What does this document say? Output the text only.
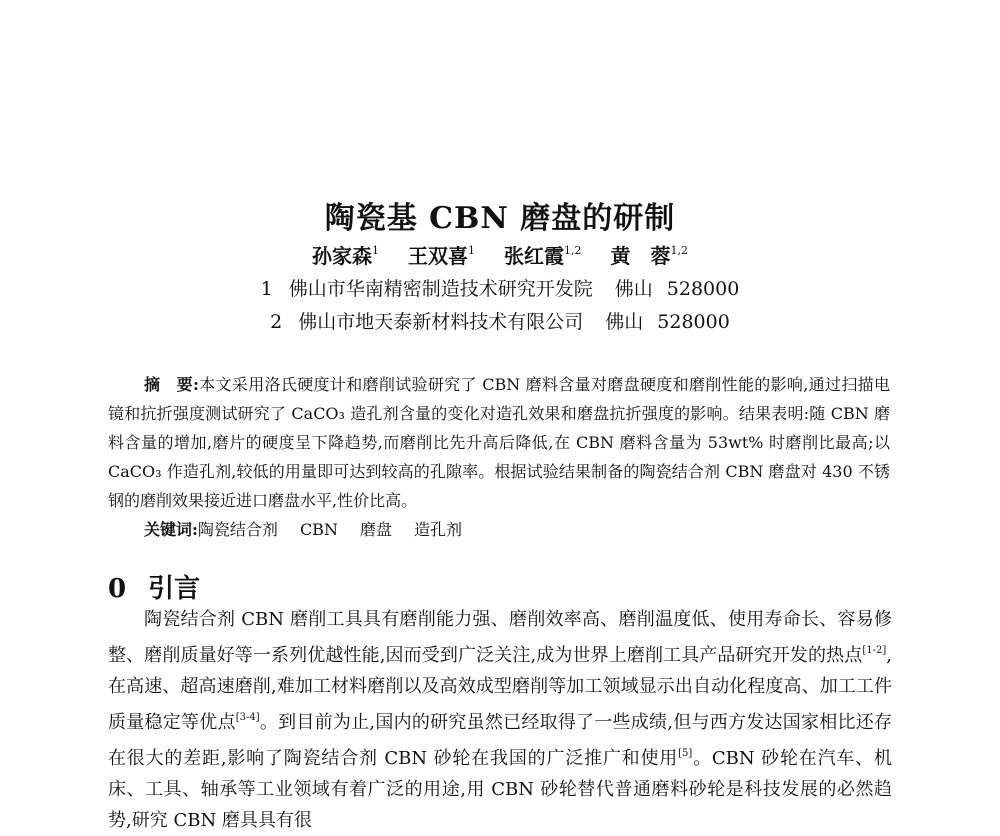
陶瓷基 CBN 磨盘的研制
孙家森$^1$ 王双喜$^1$ 张红霞$^{1,2}$ 黄　蓉$^{1,2}$
1 佛山市华南精密制造技术研究开发院 佛山 528000
2 佛山市地天泰新材料技术有限公司 佛山 528000

摘　要:本文采用洛氏硬度计和磨削试验研究了 CBN 磨料含量对磨盘硬度和磨削性能的影响,通过扫描电镜和抗折强度测试研究了 CaCO₃ 造孔剂含量的变化对造孔效果和磨盘抗折强度的影响。结果表明:随 CBN 磨料含量的增加,磨片的硬度呈下降趋势,而磨削比先升高后降低,在 CBN 磨料含量为 53wt% 时磨削比最高;以 CaCO₃ 作造孔剂,较低的用量即可达到较高的孔隙率。根据试验结果制备的陶瓷结合剂 CBN 磨盘对 430 不锈钢的磨削效果接近进口磨盘水平,性价比高。

关键词:陶瓷结合剂 CBN 磨盘 造孔剂
0 引言

陶瓷结合剂 CBN 磨削工具具有磨削能力强、磨削效率高、磨削温度低、使用寿命长、容易修整、磨削质量好等一系列优越性能,因而受到广泛关注,成为世界上磨削工具产品研究开发的热点[1-2],在高速、超高速磨削,难加工材料磨削以及高效成型磨削等加工领域显示出自动化程度高、加工工件质量稳定等优点[3-4]。到目前为止,国内的研究虽然已经取得了一些成绩,但与西方发达国家相比还存在很大的差距,影响了陶瓷结合剂 CBN 砂轮在我国的广泛推广和使用[5]。CBN 砂轮在汽车、机床、工具、轴承等工业领域有着广泛的用途,用 CBN 砂轮替代普通磨料砂轮是科技发展的必然趋势,研究 CBN 磨具具有很
